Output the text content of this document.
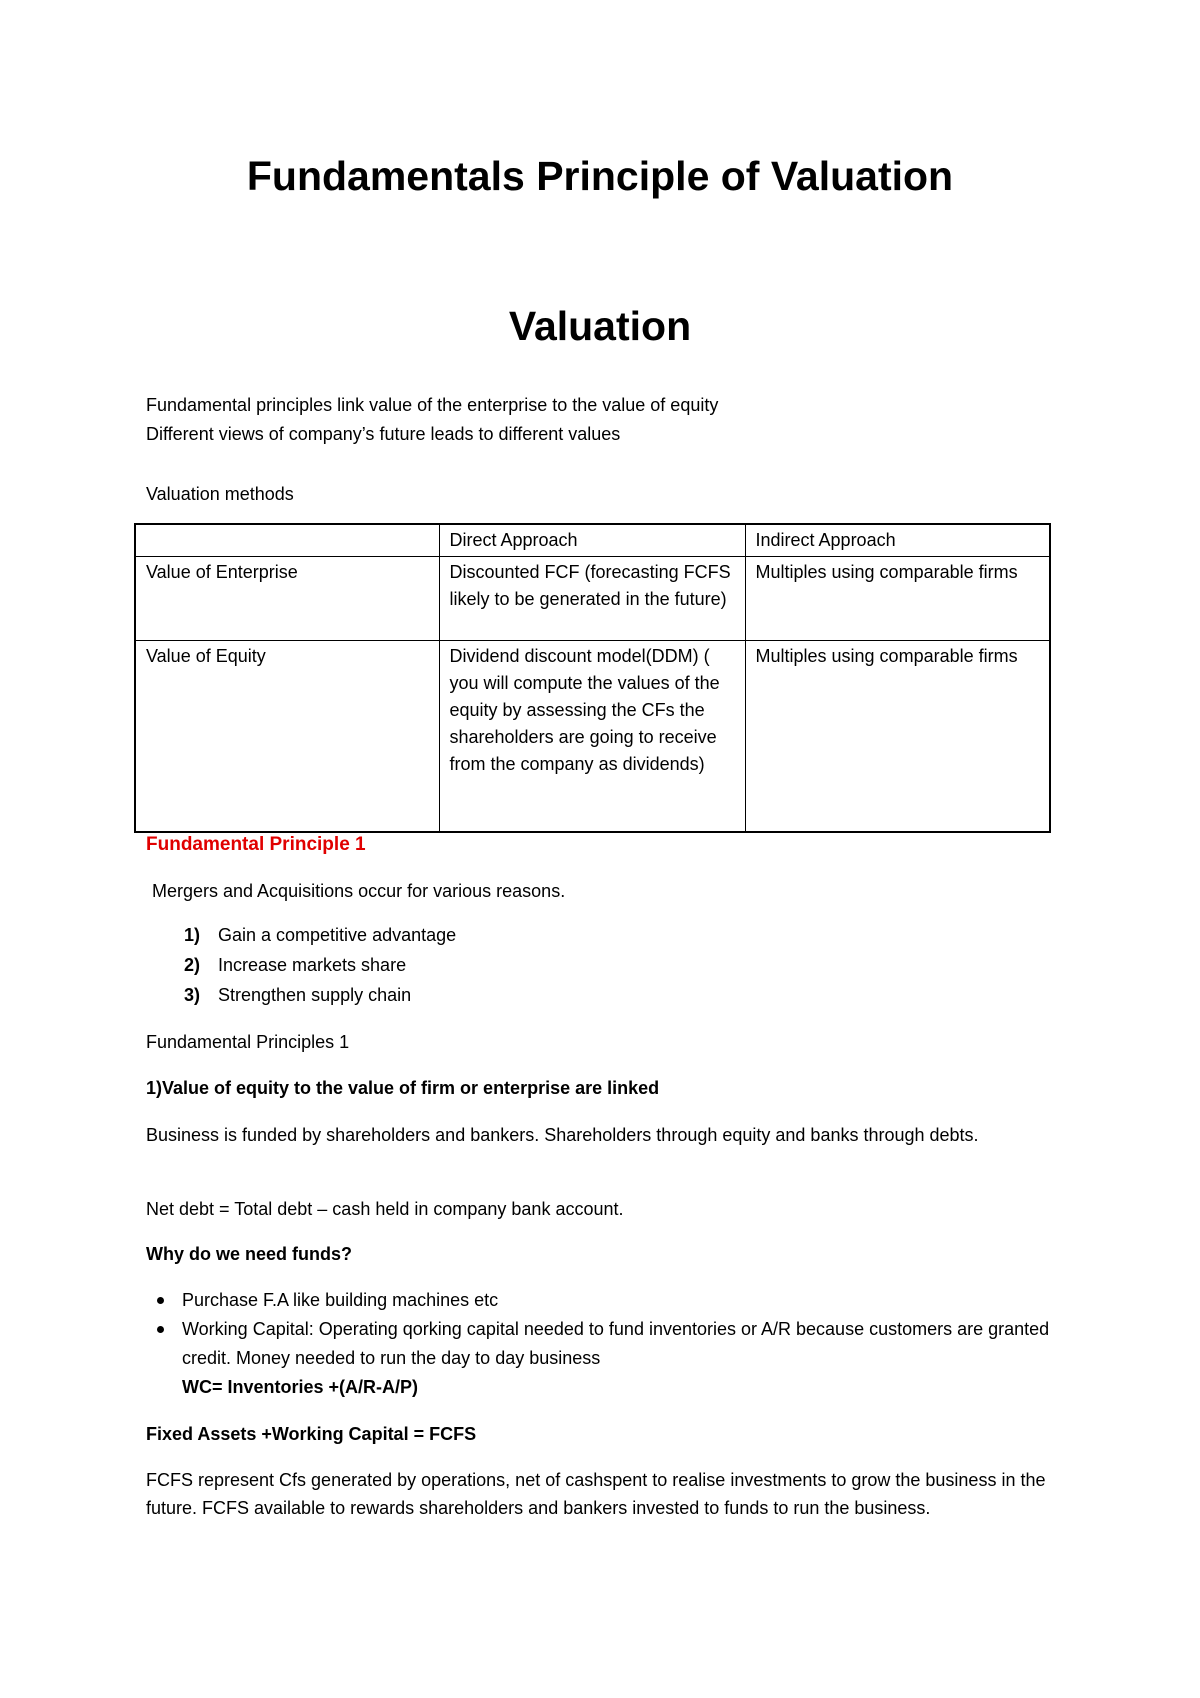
Fundamentals Principle of Valuation
Valuation

Fundamental principles link value of the enterprise to the value of equity

Different views of company’s future leads to different values

Valuation methods

	Direct Approach	Indirect Approach
Value of Enterprise	Discounted FCF (forecasting FCFS likely to be generated in the future)	Multiples using comparable firms
Value of Equity	Dividend discount model(DDM) ( you will compute the values of the equity by assessing the CFs the shareholders are going to receive from the company as dividends)	Multiples using comparable firms

Fundamental Principle 1

Mergers and Acquisitions occur for various reasons.

1) Gain a competitive advantage
2) Increase markets share
3) Strengthen supply chain

Fundamental Principles 1

1)Value of equity to the value of firm or enterprise are linked

Business is funded by shareholders and bankers. Shareholders through equity and banks through debts.

Net debt = Total debt – cash held in company bank account.

Why do we need funds?

Purchase F.A like building machines etc
Working Capital: Operating qorking capital needed to fund inventories or A/R because customers are granted credit. Money needed to run the day to day business
WC= Inventories +(A/R-A/P)

Fixed Assets +Working Capital = FCFS

FCFS represent Cfs generated by operations, net of cashspent to realise investments to grow the business in the future. FCFS available to rewards shareholders and bankers invested to funds to run the business.
